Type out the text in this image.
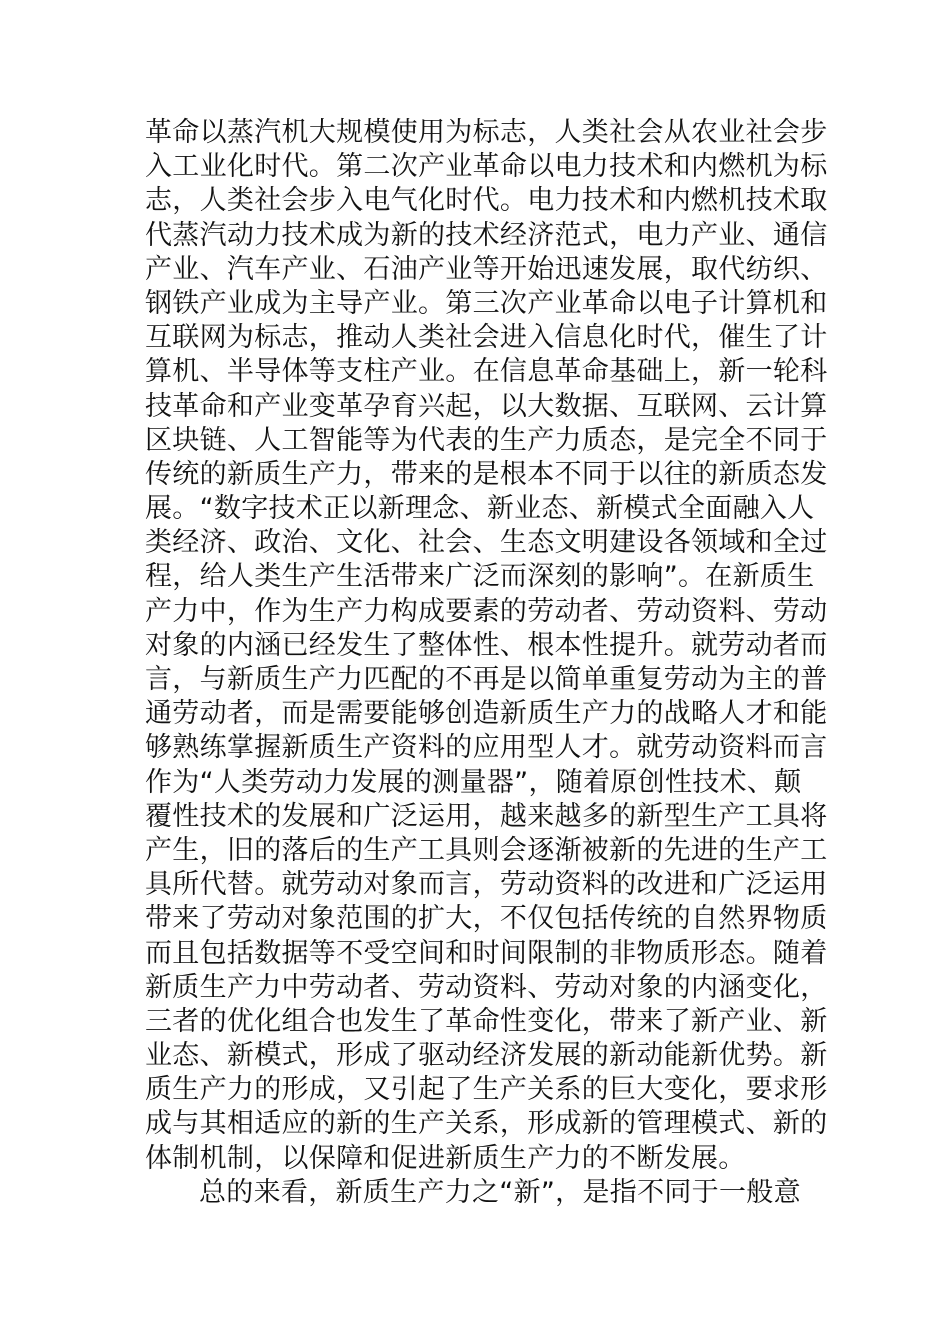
革命以蒸汽机大规模使用为标志，人类社会从农业社会步
入工业化时代。第二次产业革命以电力技术和内燃机为标
志，人类社会步入电气化时代。电力技术和内燃机技术取
代蒸汽动力技术成为新的技术经济范式，电力产业、通信
产业、汽车产业、石油产业等开始迅速发展，取代纺织、
钢铁产业成为主导产业。第三次产业革命以电子计算机和
互联网为标志，推动人类社会进入信息化时代，催生了计
算机、半导体等支柱产业。在信息革命基础上，新一轮科
技革命和产业变革孕育兴起，以大数据、互联网、云计算
区块链、人工智能等为代表的生产力质态，是完全不同于
传统的新质生产力，带来的是根本不同于以往的新质态发
展。“数字技术正以新理念、新业态、新模式全面融入人
类经济、政治、文化、社会、生态文明建设各领域和全过
程，给人类生产生活带来广泛而深刻的影响”。在新质生
产力中，作为生产力构成要素的劳动者、劳动资料、劳动
对象的内涵已经发生了整体性、根本性提升。就劳动者而
言，与新质生产力匹配的不再是以简单重复劳动为主的普
通劳动者，而是需要能够创造新质生产力的战略人才和能
够熟练掌握新质生产资料的应用型人才。就劳动资料而言
作为“人类劳动力发展的测量器”，随着原创性技术、颠
覆性技术的发展和广泛运用，越来越多的新型生产工具将
产生，旧的落后的生产工具则会逐渐被新的先进的生产工
具所代替。就劳动对象而言，劳动资料的改进和广泛运用
带来了劳动对象范围的扩大，不仅包括传统的自然界物质
而且包括数据等不受空间和时间限制的非物质形态。随着
新质生产力中劳动者、劳动资料、劳动对象的内涵变化，
三者的优化组合也发生了革命性变化，带来了新产业、新
业态、新模式，形成了驱动经济发展的新动能新优势。新
质生产力的形成，又引起了生产关系的巨大变化，要求形
成与其相适应的新的生产关系，形成新的管理模式、新的
体制机制，以保障和促进新质生产力的不断发展。
总的来看，新质生产力之“新”，是指不同于一般意
